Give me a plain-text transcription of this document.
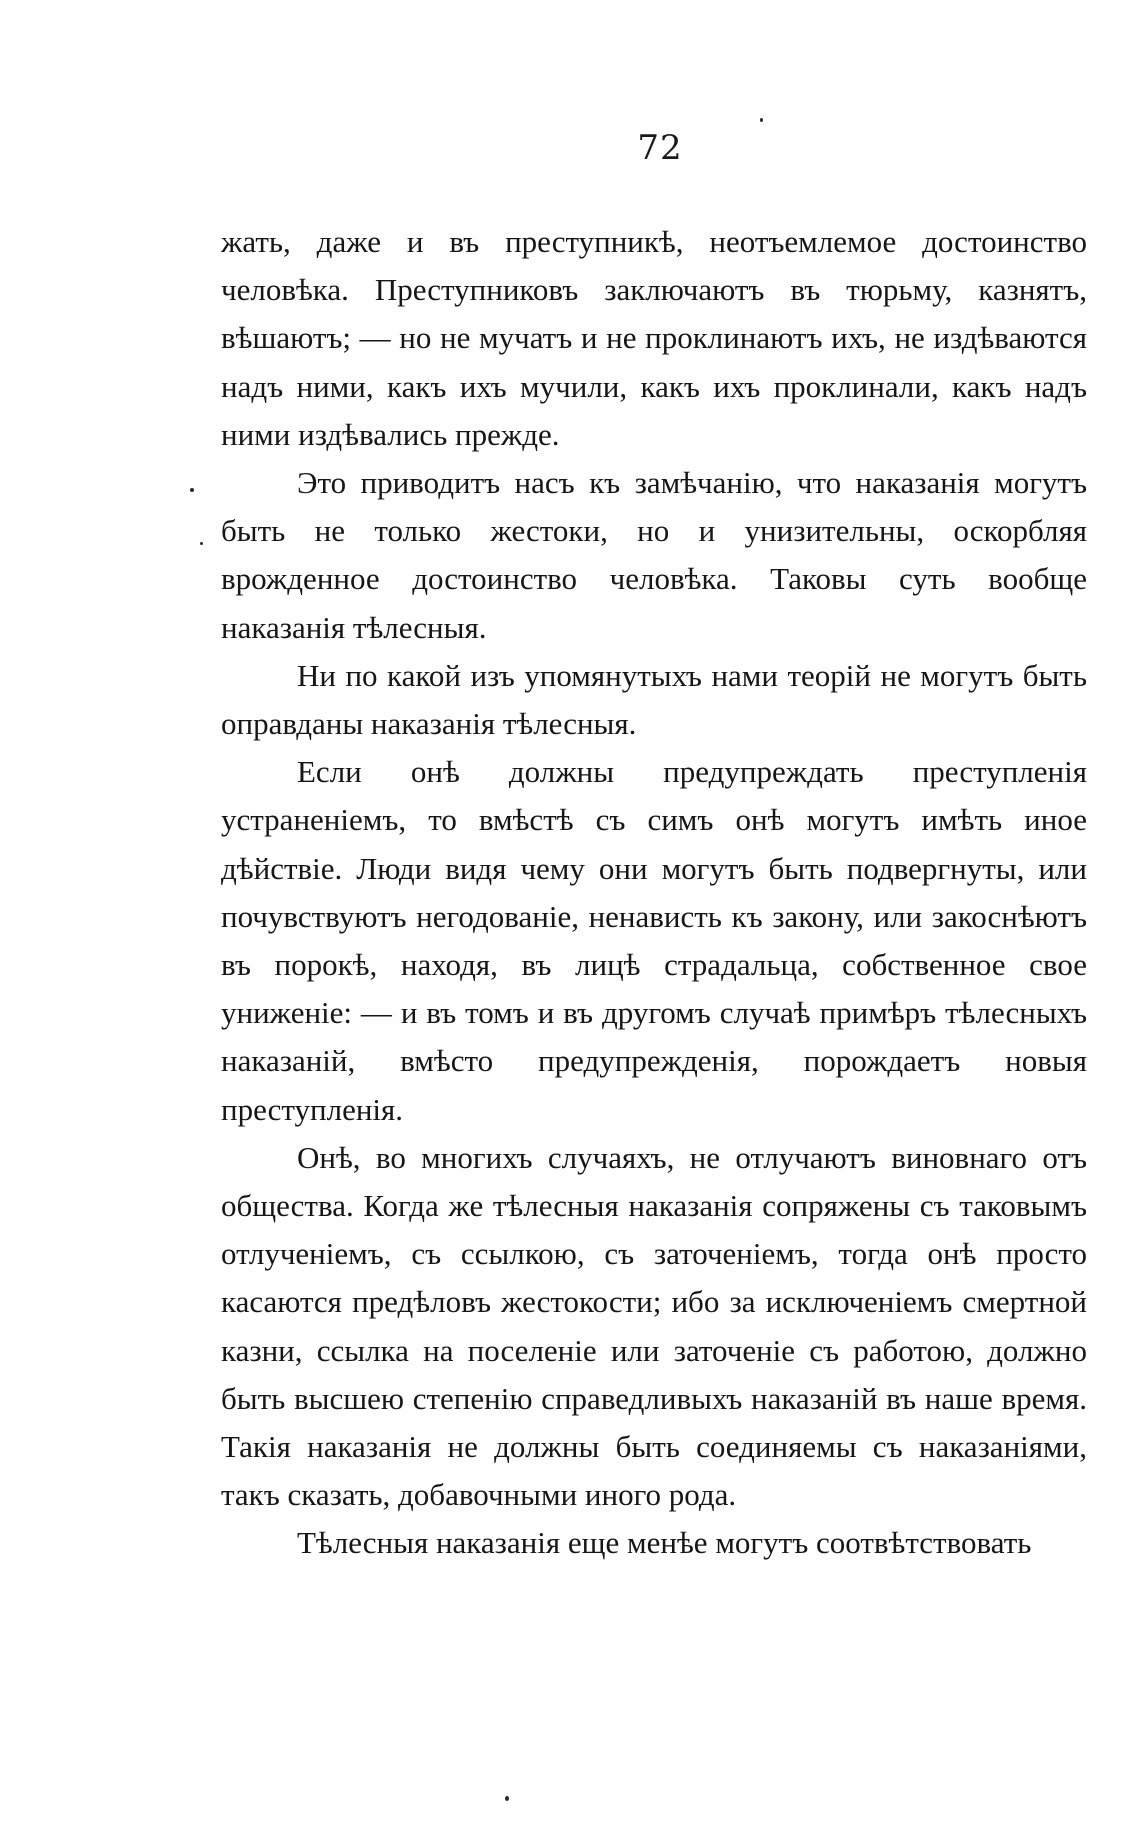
72

жать, даже и въ преступникѣ, неотъемлемое достоинство человѣка. Преступниковъ заключаютъ въ тюрьму, казнятъ, вѣшаютъ; — но не мучатъ и не проклинаютъ ихъ, не издѣваются надъ ними, какъ ихъ мучили, какъ ихъ проклинали, какъ надъ ними издѣвались прежде.

Это приводитъ насъ къ замѣчанію, что наказанія могутъ быть не только жестоки, но и унизительны, оскорбляя врожденное достоинство человѣка. Таковы суть вообще наказанія тѣлесныя.

Ни по какой изъ упомянутыхъ нами теорій не могутъ быть оправданы наказанія тѣлесныя.

Если онѣ должны предупреждать преступленія устраненіемъ, то вмѣстѣ съ симъ онѣ могутъ имѣть иное дѣйствіе. Люди видя чему они могутъ быть подвергнуты, или почувствуютъ негодованіе, ненависть къ закону, или закоснѣютъ въ порокѣ, находя, въ лицѣ страдальца, собственное свое униженіе: — и въ томъ и въ другомъ случаѣ примѣръ тѣлесныхъ наказаній, вмѣсто предупрежденія, порождаетъ новыя преступленія.

Онѣ, во многихъ случаяхъ, не отлучаютъ виновнаго отъ общества. Когда же тѣлесныя наказанія сопряжены съ таковымъ отлученіемъ, съ ссылкою, съ заточеніемъ, тогда онѣ просто касаются предѣловъ жестокости; ибо за исключеніемъ смертной казни, ссылка на поселеніе или заточеніе съ работою, должно быть высшею степенію справедливыхъ наказаній въ наше время. Такія наказанія не должны быть соединяемы съ наказаніями, такъ сказать, добавочными иного рода.

Тѣлесныя наказанія еще менѣе могутъ соотвѣтствовать
